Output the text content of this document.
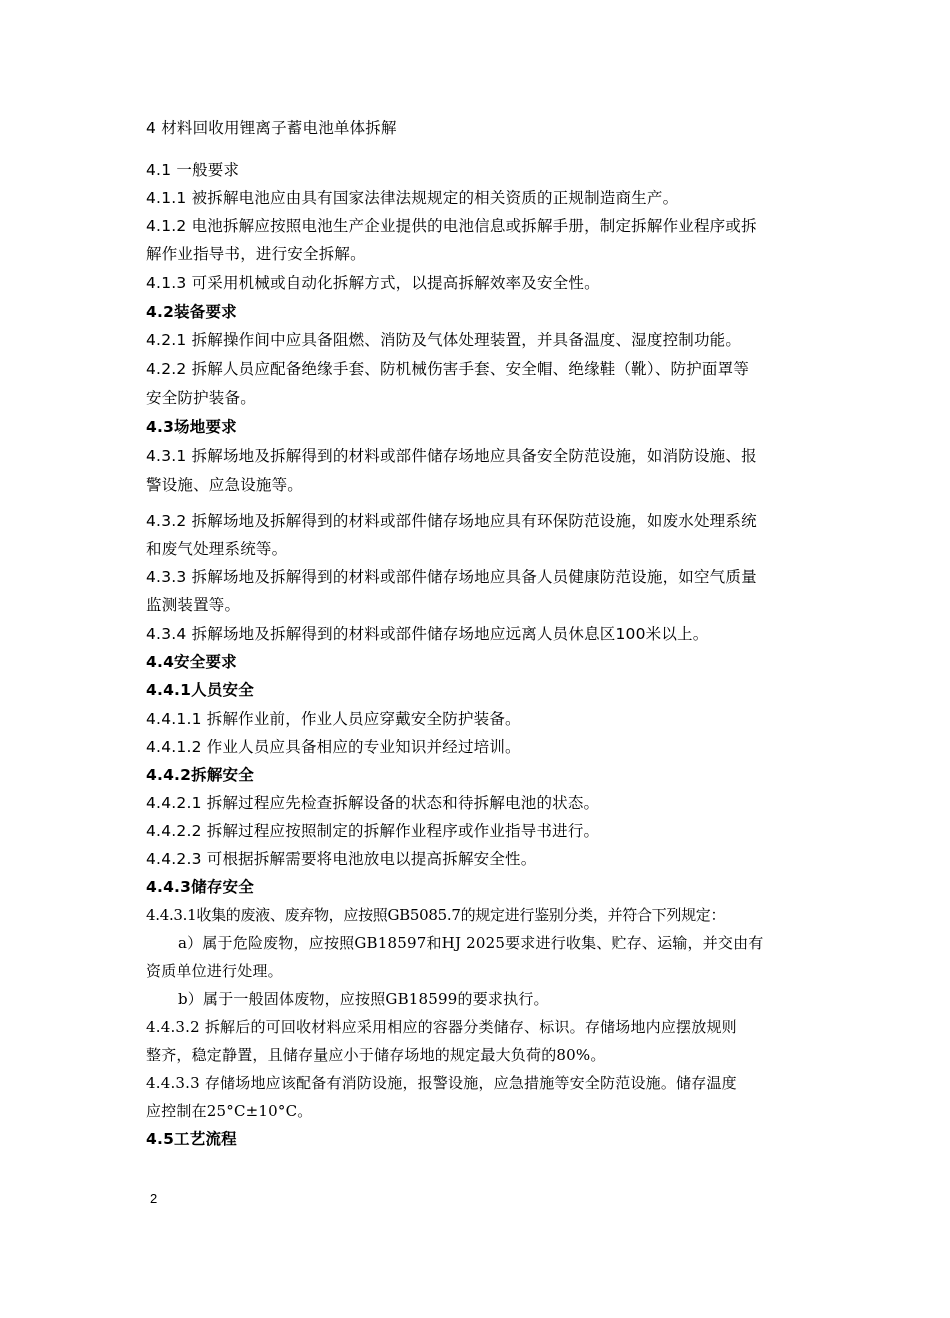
4 材料回收用锂离子蓄电池单体拆解
4.1 一般要求
4.1.1 被拆解电池应由具有国家法律法规规定的相关资质的正规制造商生产。
4.1.2 电池拆解应按照电池生产企业提供的电池信息或拆解手册，制定拆解作业程序或拆
解作业指导书，进行安全拆解。
4.1.3 可采用机械或自动化拆解方式，以提高拆解效率及安全性。
4.2装备要求
4.2.1 拆解操作间中应具备阻燃、消防及气体处理装置，并具备温度、湿度控制功能。
4.2.2 拆解人员应配备绝缘手套、防机械伤害手套、安全帽、绝缘鞋（靴）、防护面罩等
安全防护装备。
4.3场地要求
4.3.1 拆解场地及拆解得到的材料或部件储存场地应具备安全防范设施，如消防设施、报
警设施、应急设施等。
4.3.2 拆解场地及拆解得到的材料或部件储存场地应具有环保防范设施，如废水处理系统
和废气处理系统等。
4.3.3 拆解场地及拆解得到的材料或部件储存场地应具备人员健康防范设施，如空气质量
监测装置等。
4.3.4 拆解场地及拆解得到的材料或部件储存场地应远离人员休息区100米以上。
4.4安全要求
4.4.1人员安全
4.4.1.1 拆解作业前，作业人员应穿戴安全防护装备。
4.4.1.2 作业人员应具备相应的专业知识并经过培训。
4.4.2拆解安全
4.4.2.1 拆解过程应先检查拆解设备的状态和待拆解电池的状态。
4.4.2.2 拆解过程应按照制定的拆解作业程序或作业指导书进行。
4.4.2.3 可根据拆解需要将电池放电以提高拆解安全性。
4.4.3储存安全
4.4.3.1收集的废液、废弃物，应按照GB5085.7的规定进行鉴别分类，并符合下列规定：
a）属于危险废物，应按照GB18597和HJ 2025要求进行收集、贮存、运输，并交由有
资质单位进行处理。
b）属于一般固体废物，应按照GB18599的要求执行。
4.4.3.2 拆解后的可回收材料应采用相应的容器分类储存、标识。存储场地内应摆放规则
整齐，稳定静置，且储存量应小于储存场地的规定最大负荷的80%。
4.4.3.3 存储场地应该配备有消防设施，报警设施，应急措施等安全防范设施。储存温度
应控制在25°C±10°C。
4.5工艺流程
2
